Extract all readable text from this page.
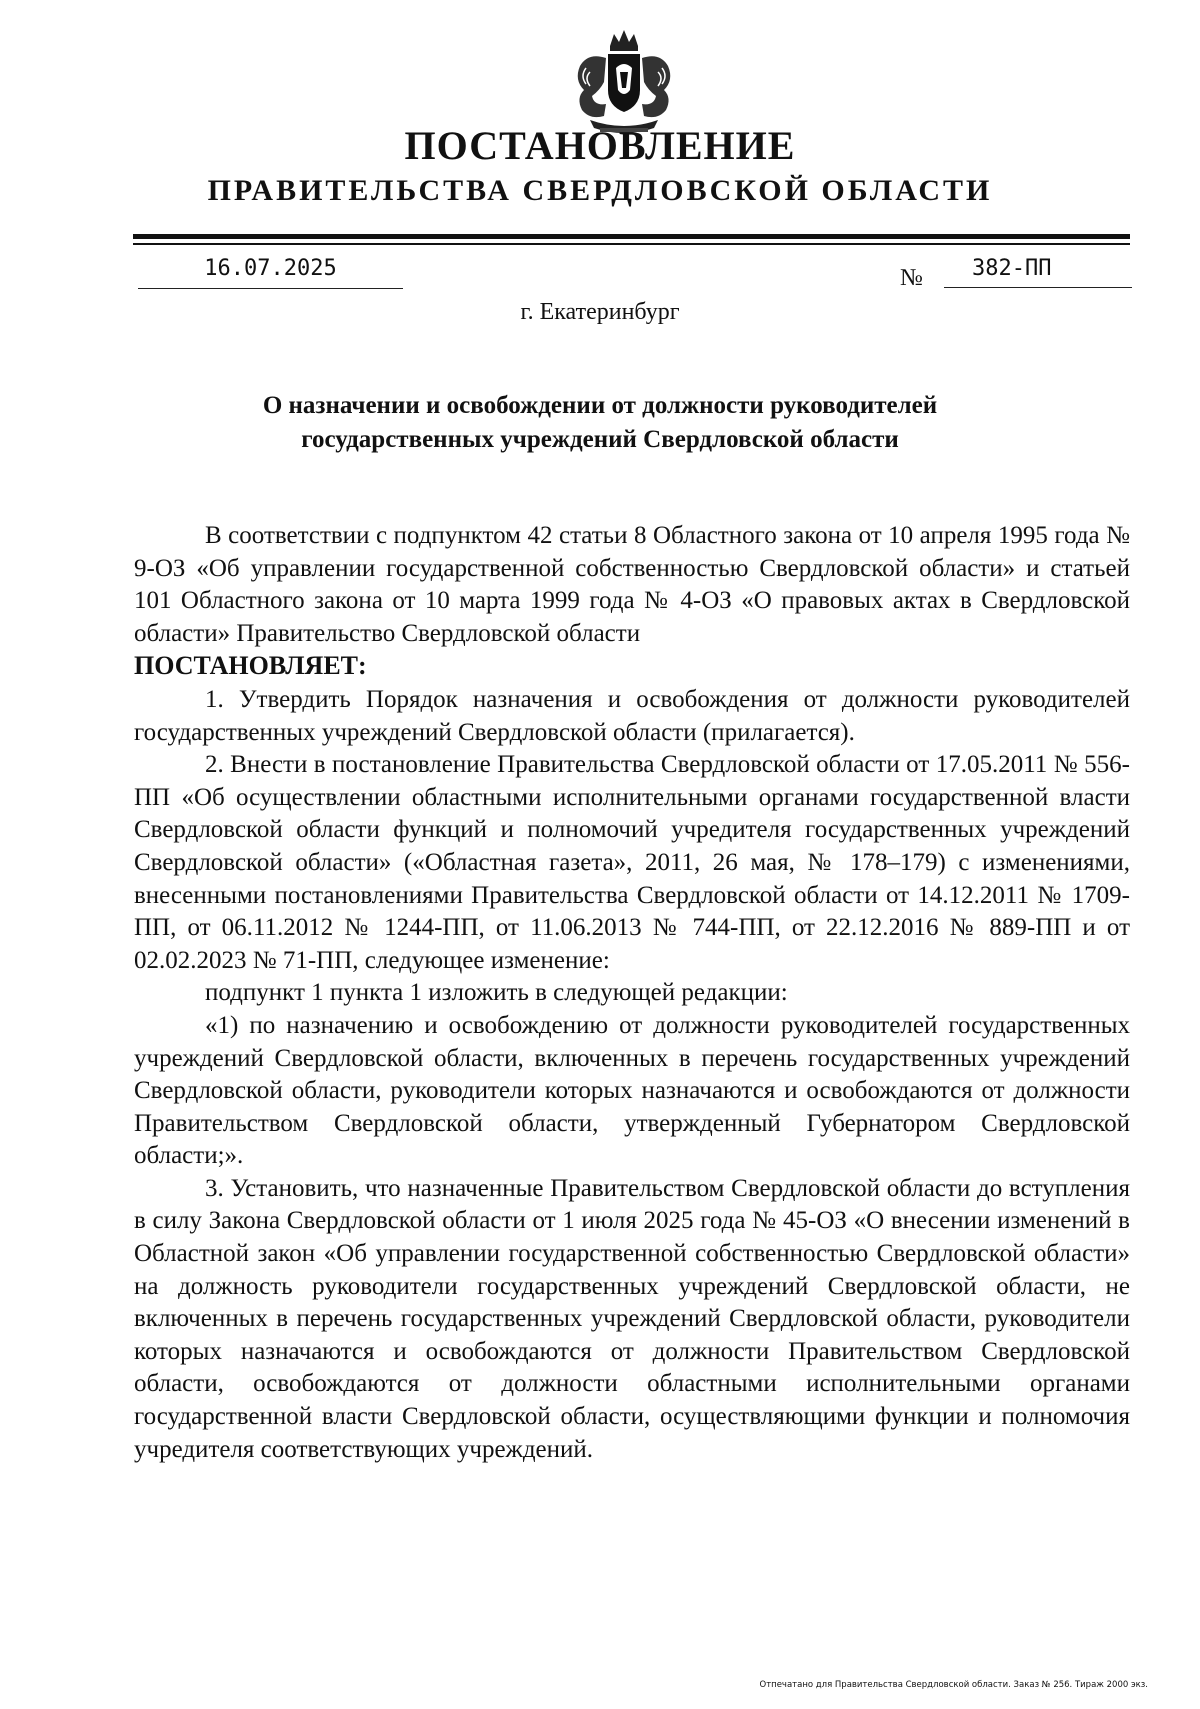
ПОСТАНОВЛЕНИЕ
ПРАВИТЕЛЬСТВА СВЕРДЛОВСКОЙ ОБЛАСТИ
16.07.2025	№	382-ПП
г. Екатеринбург
О назначении и освобождении от должности руководителей
государственных учреждений Свердловской области

В соответствии с подпунктом 42 статьи 8 Областного закона от 10 апреля 1995 года № 9-ОЗ «Об управлении государственной собственностью Свердловской области» и статьей 101 Областного закона от 10 марта 1999 года № 4-ОЗ «О правовых актах в Свердловской области» Правительство Свердловской области

ПОСТАНОВЛЯЕТ:

1. Утвердить Порядок назначения и освобождения от должности руководителей государственных учреждений Свердловской области (прилагается).

2. Внести в постановление Правительства Свердловской области от 17.05.2011 № 556-ПП «Об осуществлении областными исполнительными органами государственной власти Свердловской области функций и полномочий учредителя государственных учреждений Свердловской области» («Областная газета», 2011, 26 мая, № 178–179) с изменениями, внесенными постановлениями Правительства Свердловской области от 14.12.2011 № 1709-ПП, от 06.11.2012 № 1244-ПП, от 11.06.2013 № 744-ПП, от 22.12.2016 № 889-ПП и от 02.02.2023 № 71-ПП, следующее изменение:

подпункт 1 пункта 1 изложить в следующей редакции:

«1) по назначению и освобождению от должности руководителей государственных учреждений Свердловской области, включенных в перечень государственных учреждений Свердловской области, руководители которых назначаются и освобождаются от должности Правительством Свердловской области, утвержденный Губернатором Свердловской области;».

3. Установить, что назначенные Правительством Свердловской области до вступления в силу Закона Свердловской области от 1 июля 2025 года № 45-ОЗ «О внесении изменений в Областной закон «Об управлении государственной собственностью Свердловской области» на должность руководители государственных учреждений Свердловской области, не включенных в перечень государственных учреждений Свердловской области, руководители которых назначаются и освобождаются от должности Правительством Свердловской области, освобождаются от должности областными исполнительными органами государственной власти Свердловской области, осуществляющими функции и полномочия учредителя соответствующих учреждений.

Отпечатано для Правительства Свердловской области. Заказ № 256. Тираж 2000 экз.
